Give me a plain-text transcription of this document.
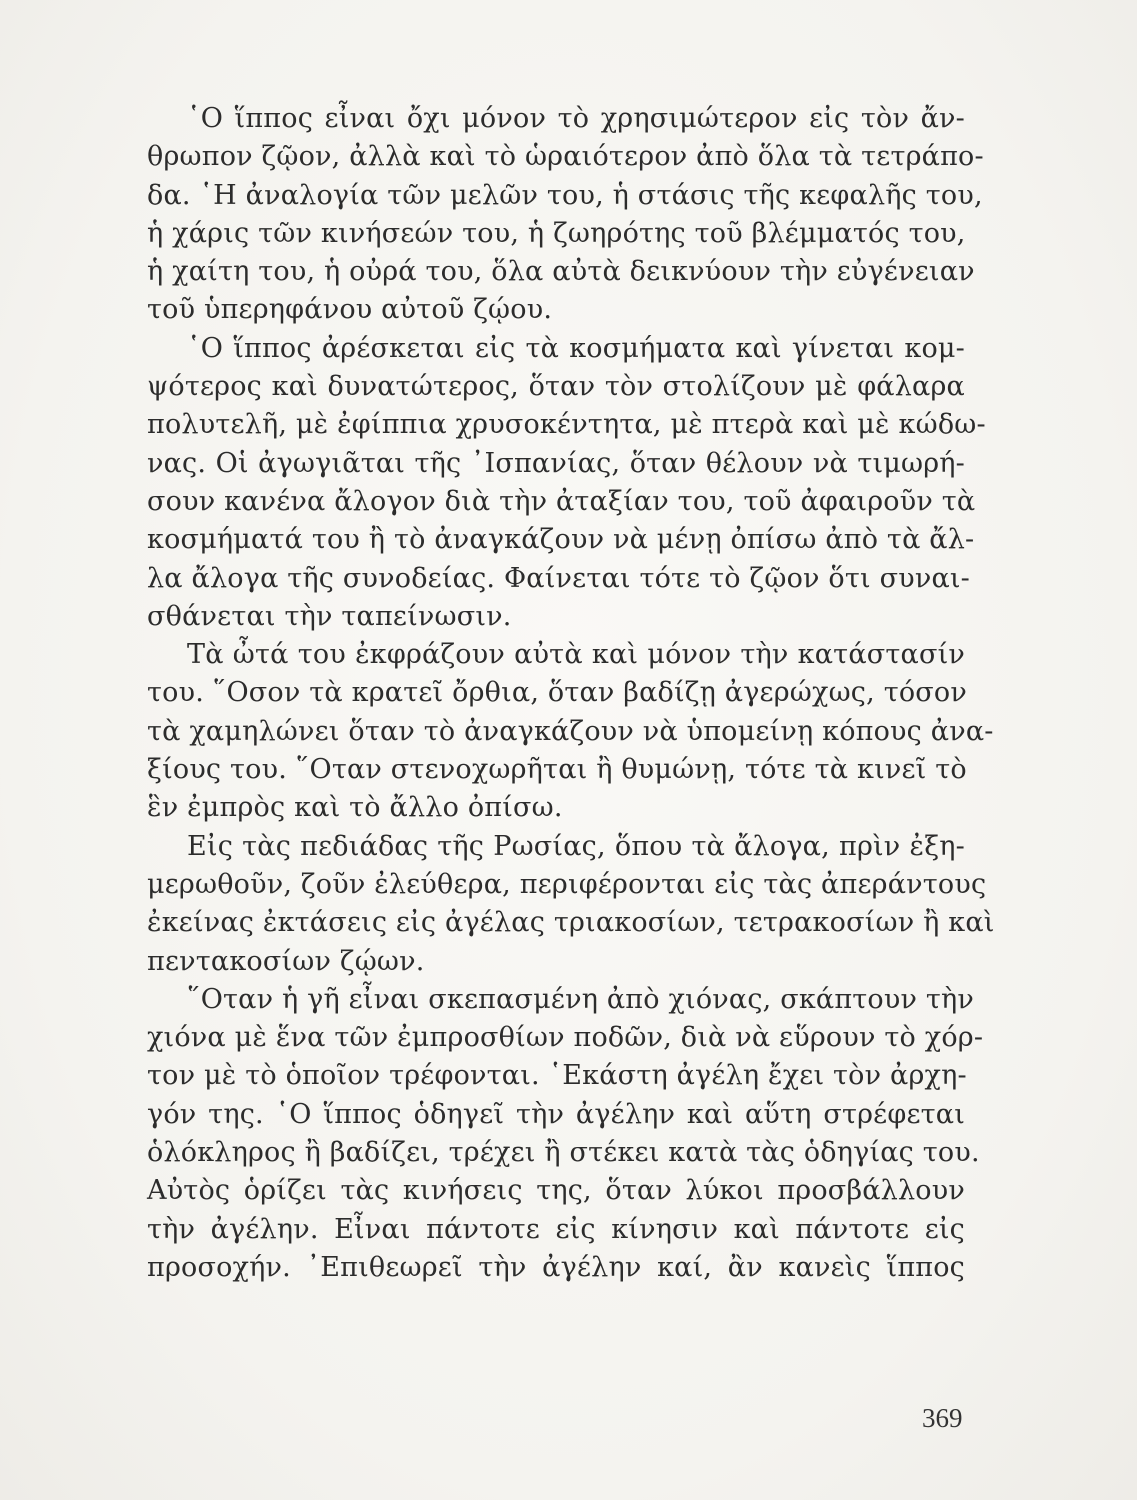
῾Ο ἵππος εἶναι ὄχι μόνον τὸ χρησιμώτερον εἰς τὸν ἄν-
θρωπον ζῷον, ἀλλὰ καὶ τὸ ὡραιότερον ἀπὸ ὅλα τὰ τετράπο-
δα. ῾Η ἀναλογία τῶν μελῶν του, ἡ στάσις τῆς κεφαλῆς του,
ἡ χάρις τῶν κινήσεών του, ἡ ζωηρότης τοῦ βλέμματός του,
ἡ χαίτη του, ἡ οὐρά του, ὅλα αὐτὰ δεικνύουν τὴν εὐγένειαν
τοῦ ὑπερηφάνου αὐτοῦ ζῴου.
῾Ο ἵππος ἀρέσκεται εἰς τὰ κοσμήματα καὶ γίνεται κομ-
ψότερος καὶ δυνατώτερος, ὅταν τὸν στολίζουν μὲ φάλαρα
πολυτελῆ, μὲ ἐφίππια χρυσοκέντητα, μὲ πτερὰ καὶ μὲ κώδω-
νας. Οἱ ἀγωγιᾶται τῆς ᾿Ισπανίας, ὅταν θέλουν νὰ τιμωρή-
σουν κανένα ἄλογον διὰ τὴν ἀταξίαν του, τοῦ ἀφαιροῦν τὰ
κοσμήματά του ἢ τὸ ἀναγκάζουν νὰ μένῃ ὀπίσω ἀπὸ τὰ ἄλ-
λα ἄλογα τῆς συνοδείας. Φαίνεται τότε τὸ ζῷον ὅτι συναι-
σθάνεται τὴν ταπείνωσιν.
Τὰ ὦτά του ἐκφράζουν αὐτὰ καὶ μόνον τὴν κατάστασίν
του. ῞Οσον τὰ κρατεῖ ὄρθια, ὅταν βαδίζῃ ἀγερώχως, τόσον
τὰ χαμηλώνει ὅταν τὸ ἀναγκάζουν νὰ ὑπομείνῃ κόπους ἀνα-
ξίους του. ῞Οταν στενοχωρῆται ἢ θυμώνῃ, τότε τὰ κινεῖ τὸ
ἓν ἐμπρὸς καὶ τὸ ἄλλο ὀπίσω.
Εἰς τὰς πεδιάδας τῆς Ρωσίας, ὅπου τὰ ἄλογα, πρὶν ἐξη-
μερωθοῦν, ζοῦν ἐλεύθερα, περιφέρονται εἰς τὰς ἀπεράντους
ἐκείνας ἐκτάσεις εἰς ἀγέλας τριακοσίων, τετρακοσίων ἢ καὶ
πεντακοσίων ζῴων.
῞Οταν ἡ γῆ εἶναι σκεπασμένη ἀπὸ χιόνας, σκάπτουν τὴν
χιόνα μὲ ἕνα τῶν ἐμπροσθίων ποδῶν, διὰ νὰ εὕρουν τὸ χόρ-
τον μὲ τὸ ὁποῖον τρέφονται. ῾Εκάστη ἀγέλη ἔχει τὸν ἀρχη-
γόν της. ῾Ο ἵππος ὁδηγεῖ τὴν ἀγέλην καὶ αὕτη στρέφεται
ὁλόκληρος ἢ βαδίζει, τρέχει ἢ στέκει κατὰ τὰς ὁδηγίας του.
Αὐτὸς ὁρίζει τὰς κινήσεις της, ὅταν λύκοι προσβάλλουν
τὴν ἀγέλην. Εἶναι πάντοτε εἰς κίνησιν καὶ πάντοτε εἰς
προσοχήν. ᾿Επιθεωρεῖ τὴν ἀγέλην καί, ἂν κανεὶς ἵππος
369
